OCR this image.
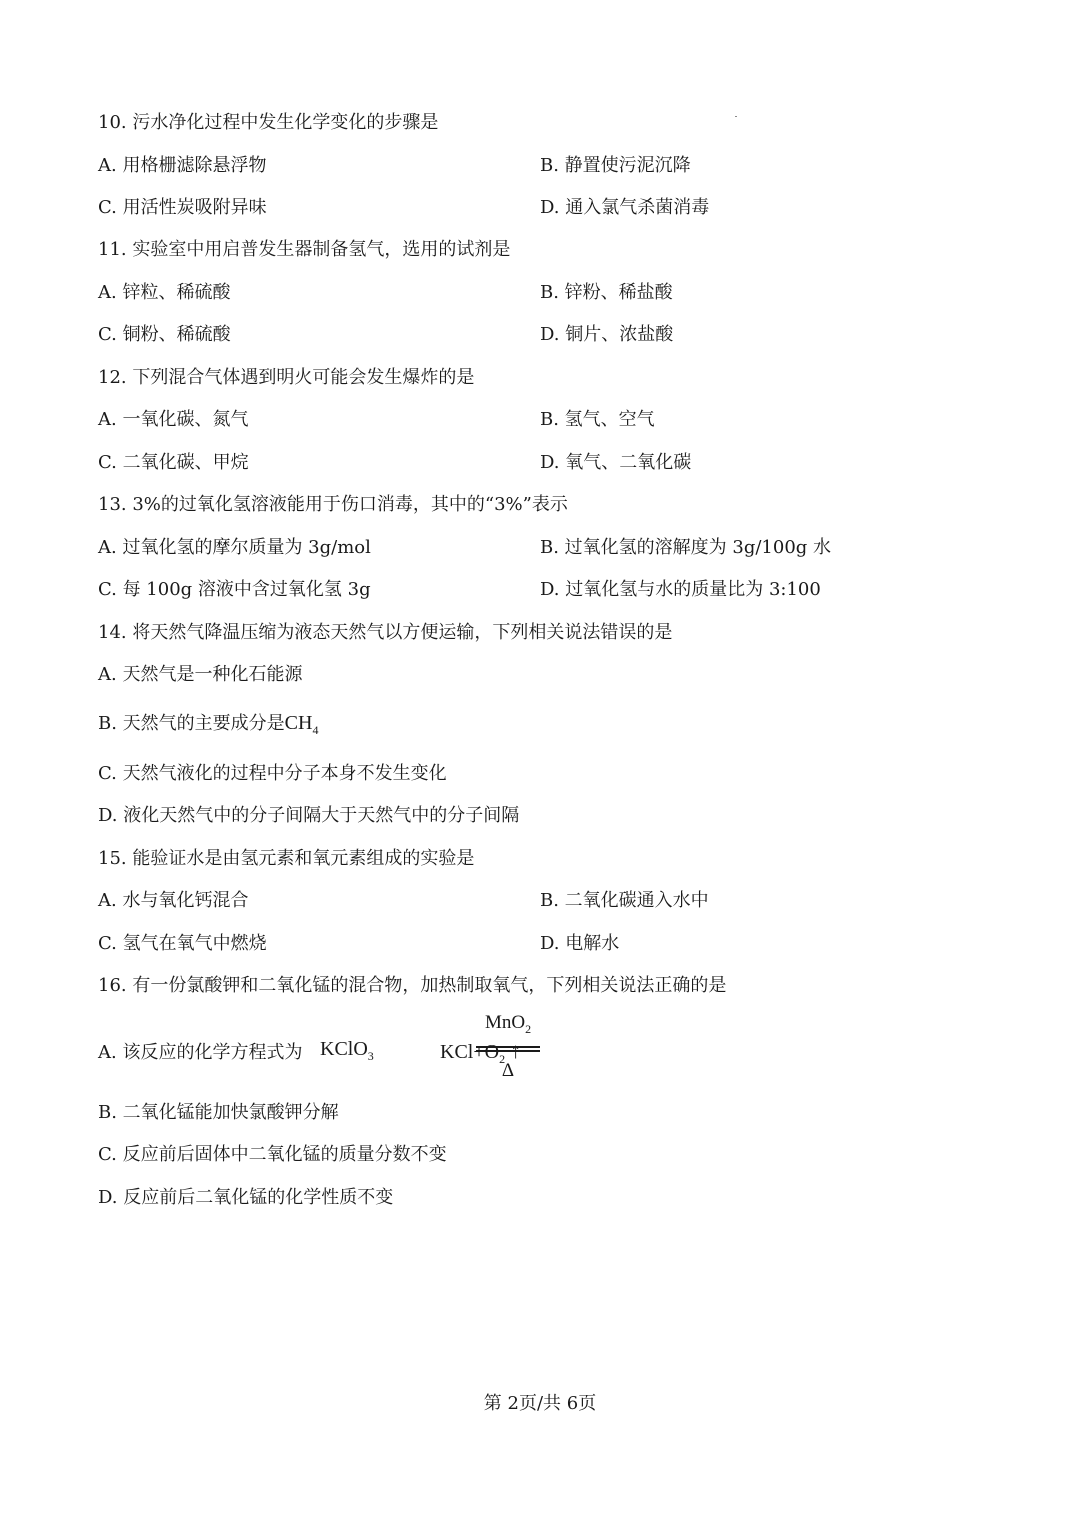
10. 污水净化过程中发生化学变化的步骤是
A. 用格栅滤除悬浮物	B. 静置使污泥沉降
C. 用活性炭吸附异味	D. 通入氯气杀菌消毒
11. 实验室中用启普发生器制备氢气，选用的试剂是
A. 锌粒、稀硫酸	B. 锌粉、稀盐酸
C. 铜粉、稀硫酸	D. 铜片、浓盐酸
12. 下列混合气体遇到明火可能会发生爆炸的是
A. 一氧化碳、氮气	B. 氢气、空气
C. 二氧化碳、甲烷	D. 氧气、二氧化碳
13. 3%的过氧化氢溶液能用于伤口消毒，其中的“3%”表示
A. 过氧化氢的摩尔质量为 3g/mol	B. 过氧化氢的溶解度为 3g/100g 水
C. 每 100g 溶液中含过氧化氢 3g	D. 过氧化氢与水的质量比为 3:100
14. 将天然气降温压缩为液态天然气以方便运输，下列相关说法错误的是
A. 天然气是一种化石能源
B. 天然气的主要成分是$CH_4$
C. 天然气液化的过程中分子本身不发生变化
D. 液化天然气中的分子间隔大于天然气中的分子间隔
15. 能验证水是由氢元素和氧元素组成的实验是
A. 水与氧化钙混合	B. 二氧化碳通入水中
C. 氢气在氧气中燃烧	D. 电解水
16. 有一份氯酸钾和二氧化锰的混合物，加热制取氧气，下列相关说法正确的是
A. 该反应的化学方程式为 KClO$_3$
MnO$_2$
Δ
$KCl+O_2$ ↑
B. 二氧化锰能加快氯酸钾分解
C. 反应前后固体中二氧化锰的质量分数不变
D. 反应前后二氧化锰的化学性质不变
第 2页/共 6页
